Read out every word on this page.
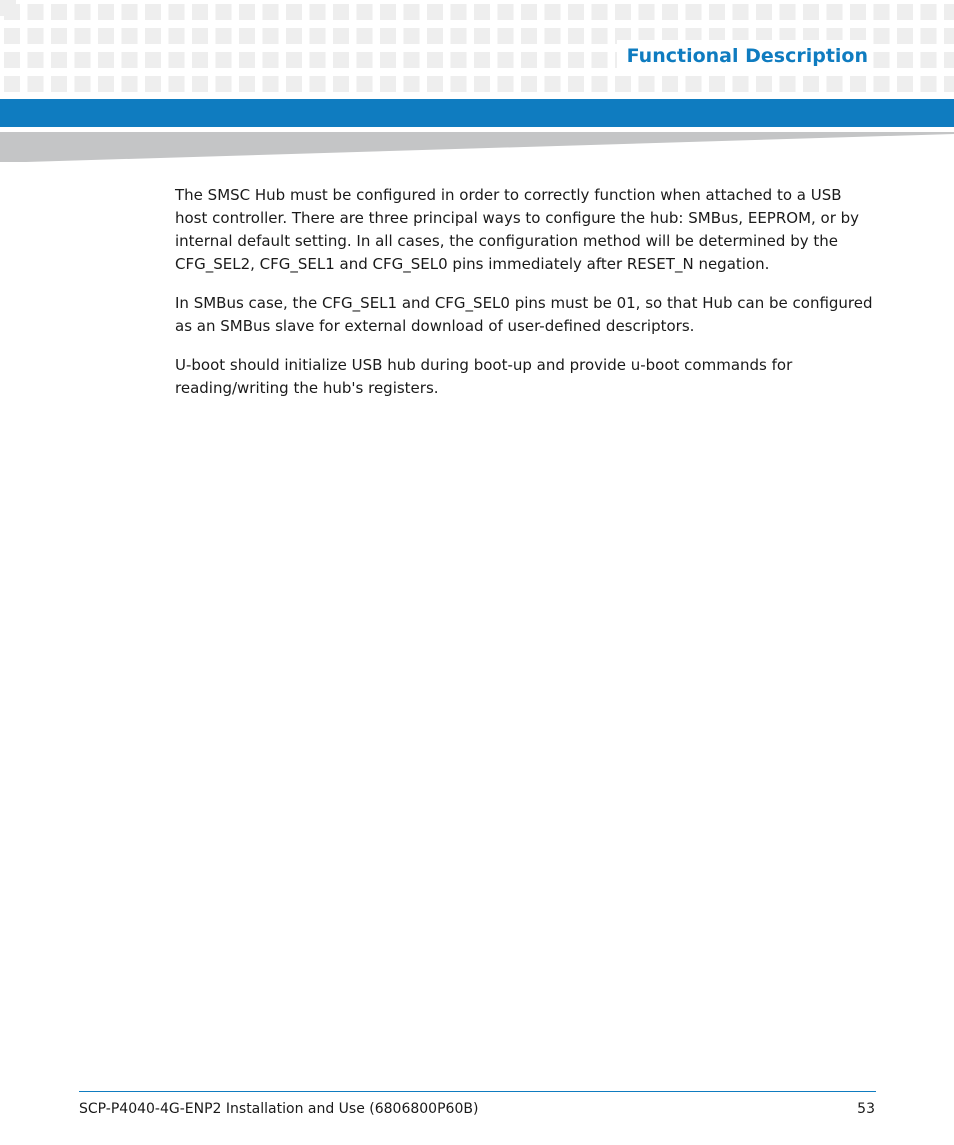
Functional Description

The SMSC Hub must be configured in order to correctly function when attached to a USB host controller. There are three principal ways to configure the hub: SMBus, EEPROM, or by internal default setting. In all cases, the configuration method will be determined by the CFG_SEL2, CFG_SEL1 and CFG_SEL0 pins immediately after RESET_N negation.

In SMBus case, the CFG_SEL1 and CFG_SEL0 pins must be 01, so that Hub can be configured as an SMBus slave for external download of user-defined descriptors.

U-boot should initialize USB hub during boot-up and provide u-boot commands for reading/writing the hub's registers.

SCP-P4040-4G-ENP2 Installation and Use (6806800P60B)	53
